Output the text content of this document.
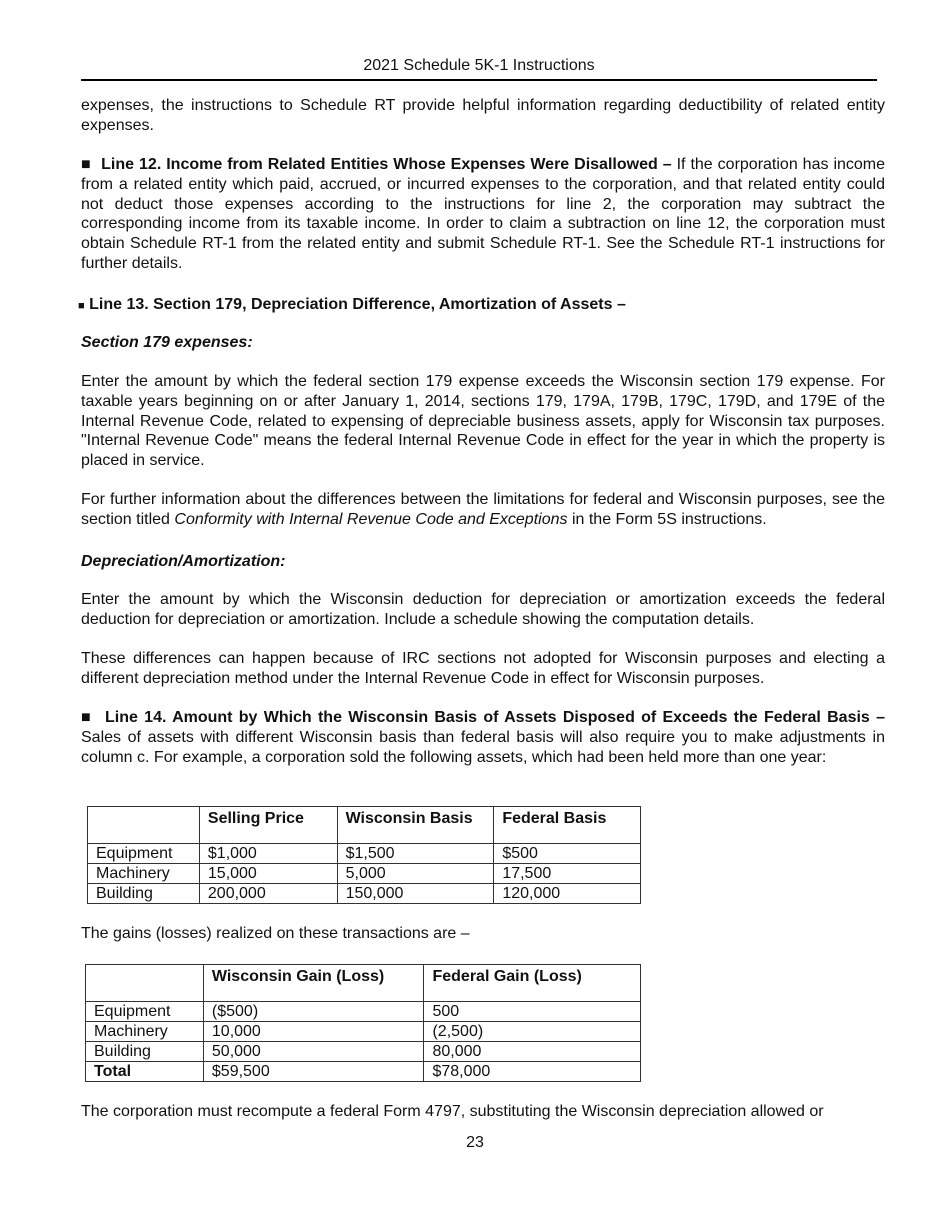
2021 Schedule 5K-1 Instructions
expenses, the instructions to Schedule RT provide helpful information regarding deductibility of related entity expenses.
■ Line 12. Income from Related Entities Whose Expenses Were Disallowed – If the corporation has income from a related entity which paid, accrued, or incurred expenses to the corporation, and that related entity could not deduct those expenses according to the instructions for line 2, the corporation may subtract the corresponding income from its taxable income. In order to claim a subtraction on line 12, the corporation must obtain Schedule RT-1 from the related entity and submit Schedule RT-1. See the Schedule RT-1 instructions for further details.
■ Line 13. Section 179, Depreciation Difference, Amortization of Assets –
Section 179 expenses:
Enter the amount by which the federal section 179 expense exceeds the Wisconsin section 179 expense. For taxable years beginning on or after January 1, 2014, sections 179, 179A, 179B, 179C, 179D, and 179E of the Internal Revenue Code, related to expensing of depreciable business assets, apply for Wisconsin tax purposes. "Internal Revenue Code" means the federal Internal Revenue Code in effect for the year in which the property is placed in service.
For further information about the differences between the limitations for federal and Wisconsin purposes, see the section titled Conformity with Internal Revenue Code and Exceptions in the Form 5S instructions.
Depreciation/Amortization:
Enter the amount by which the Wisconsin deduction for depreciation or amortization exceeds the federal deduction for depreciation or amortization. Include a schedule showing the computation details.
These differences can happen because of IRC sections not adopted for Wisconsin purposes and electing a different depreciation method under the Internal Revenue Code in effect for Wisconsin purposes.
■ Line 14. Amount by Which the Wisconsin Basis of Assets Disposed of Exceeds the Federal Basis – Sales of assets with different Wisconsin basis than federal basis will also require you to make adjustments in column c. For example, a corporation sold the following assets, which had been held more than one year:
	Selling Price	Wisconsin Basis	Federal Basis
Equipment	$1,000	$1,500	$500
Machinery	15,000	5,000	17,500
Building	200,000	150,000	120,000
The gains (losses) realized on these transactions are –
	Wisconsin Gain (Loss)	Federal Gain (Loss)
Equipment	($500)	500
Machinery	10,000	(2,500)
Building	50,000	80,000
Total	$59,500	$78,000
The corporation must recompute a federal Form 4797, substituting the Wisconsin depreciation allowed or
23
